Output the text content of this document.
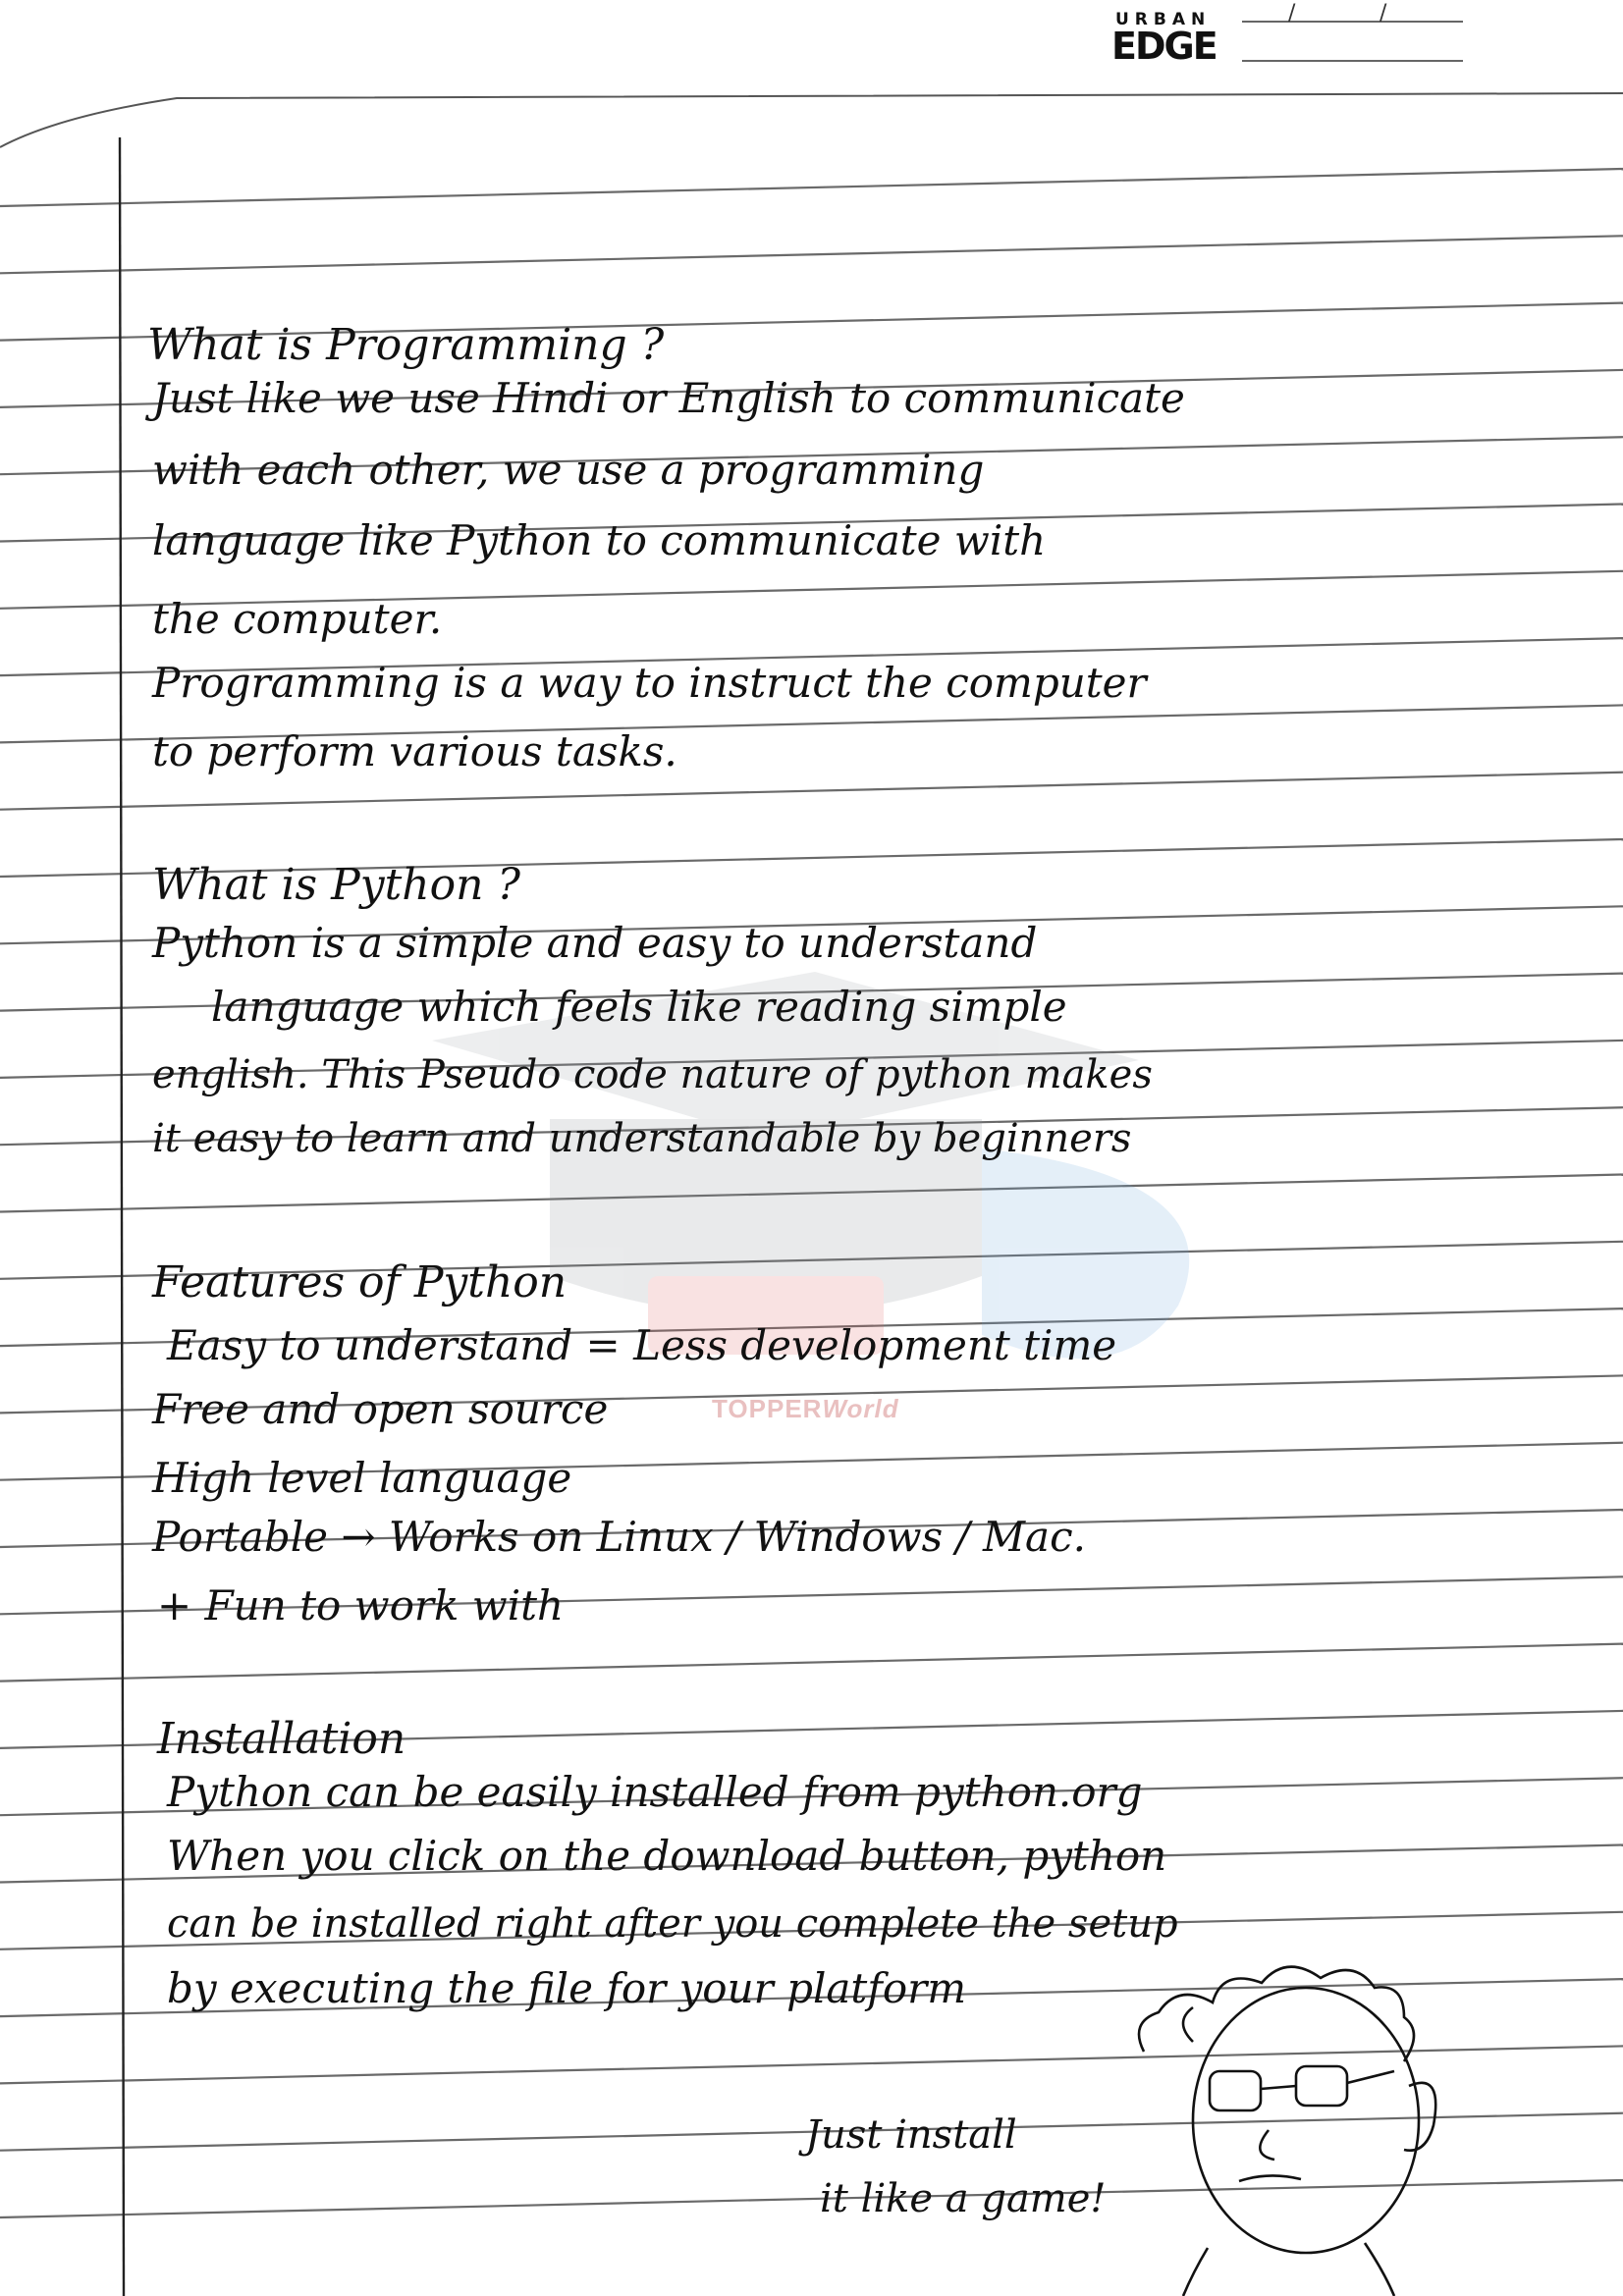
/	/
URBAN
EDGE

What is Programming ?

Just like we use Hindi or English to communicate

with each other, we use a programming

language like Python to communicate with

the computer.

Programming is a way to instruct the computer

to perform various tasks.

What is Python ?

Python is a simple and easy to understand

language which feels like reading simple

english. This Pseudo code nature of python makes

it easy to learn and understandable by beginners

Features of Python

Easy to understand = Less development time

Free and open source

High level language

Portable → Works on Linux / Windows / Mac.

+ Fun to work with

Installation

Python can be easily installed from python.org

When you click on the download button, python

can be installed right after you complete the setup

by executing the file for your platform

Just install

it like a game!

TOPPERWorld
